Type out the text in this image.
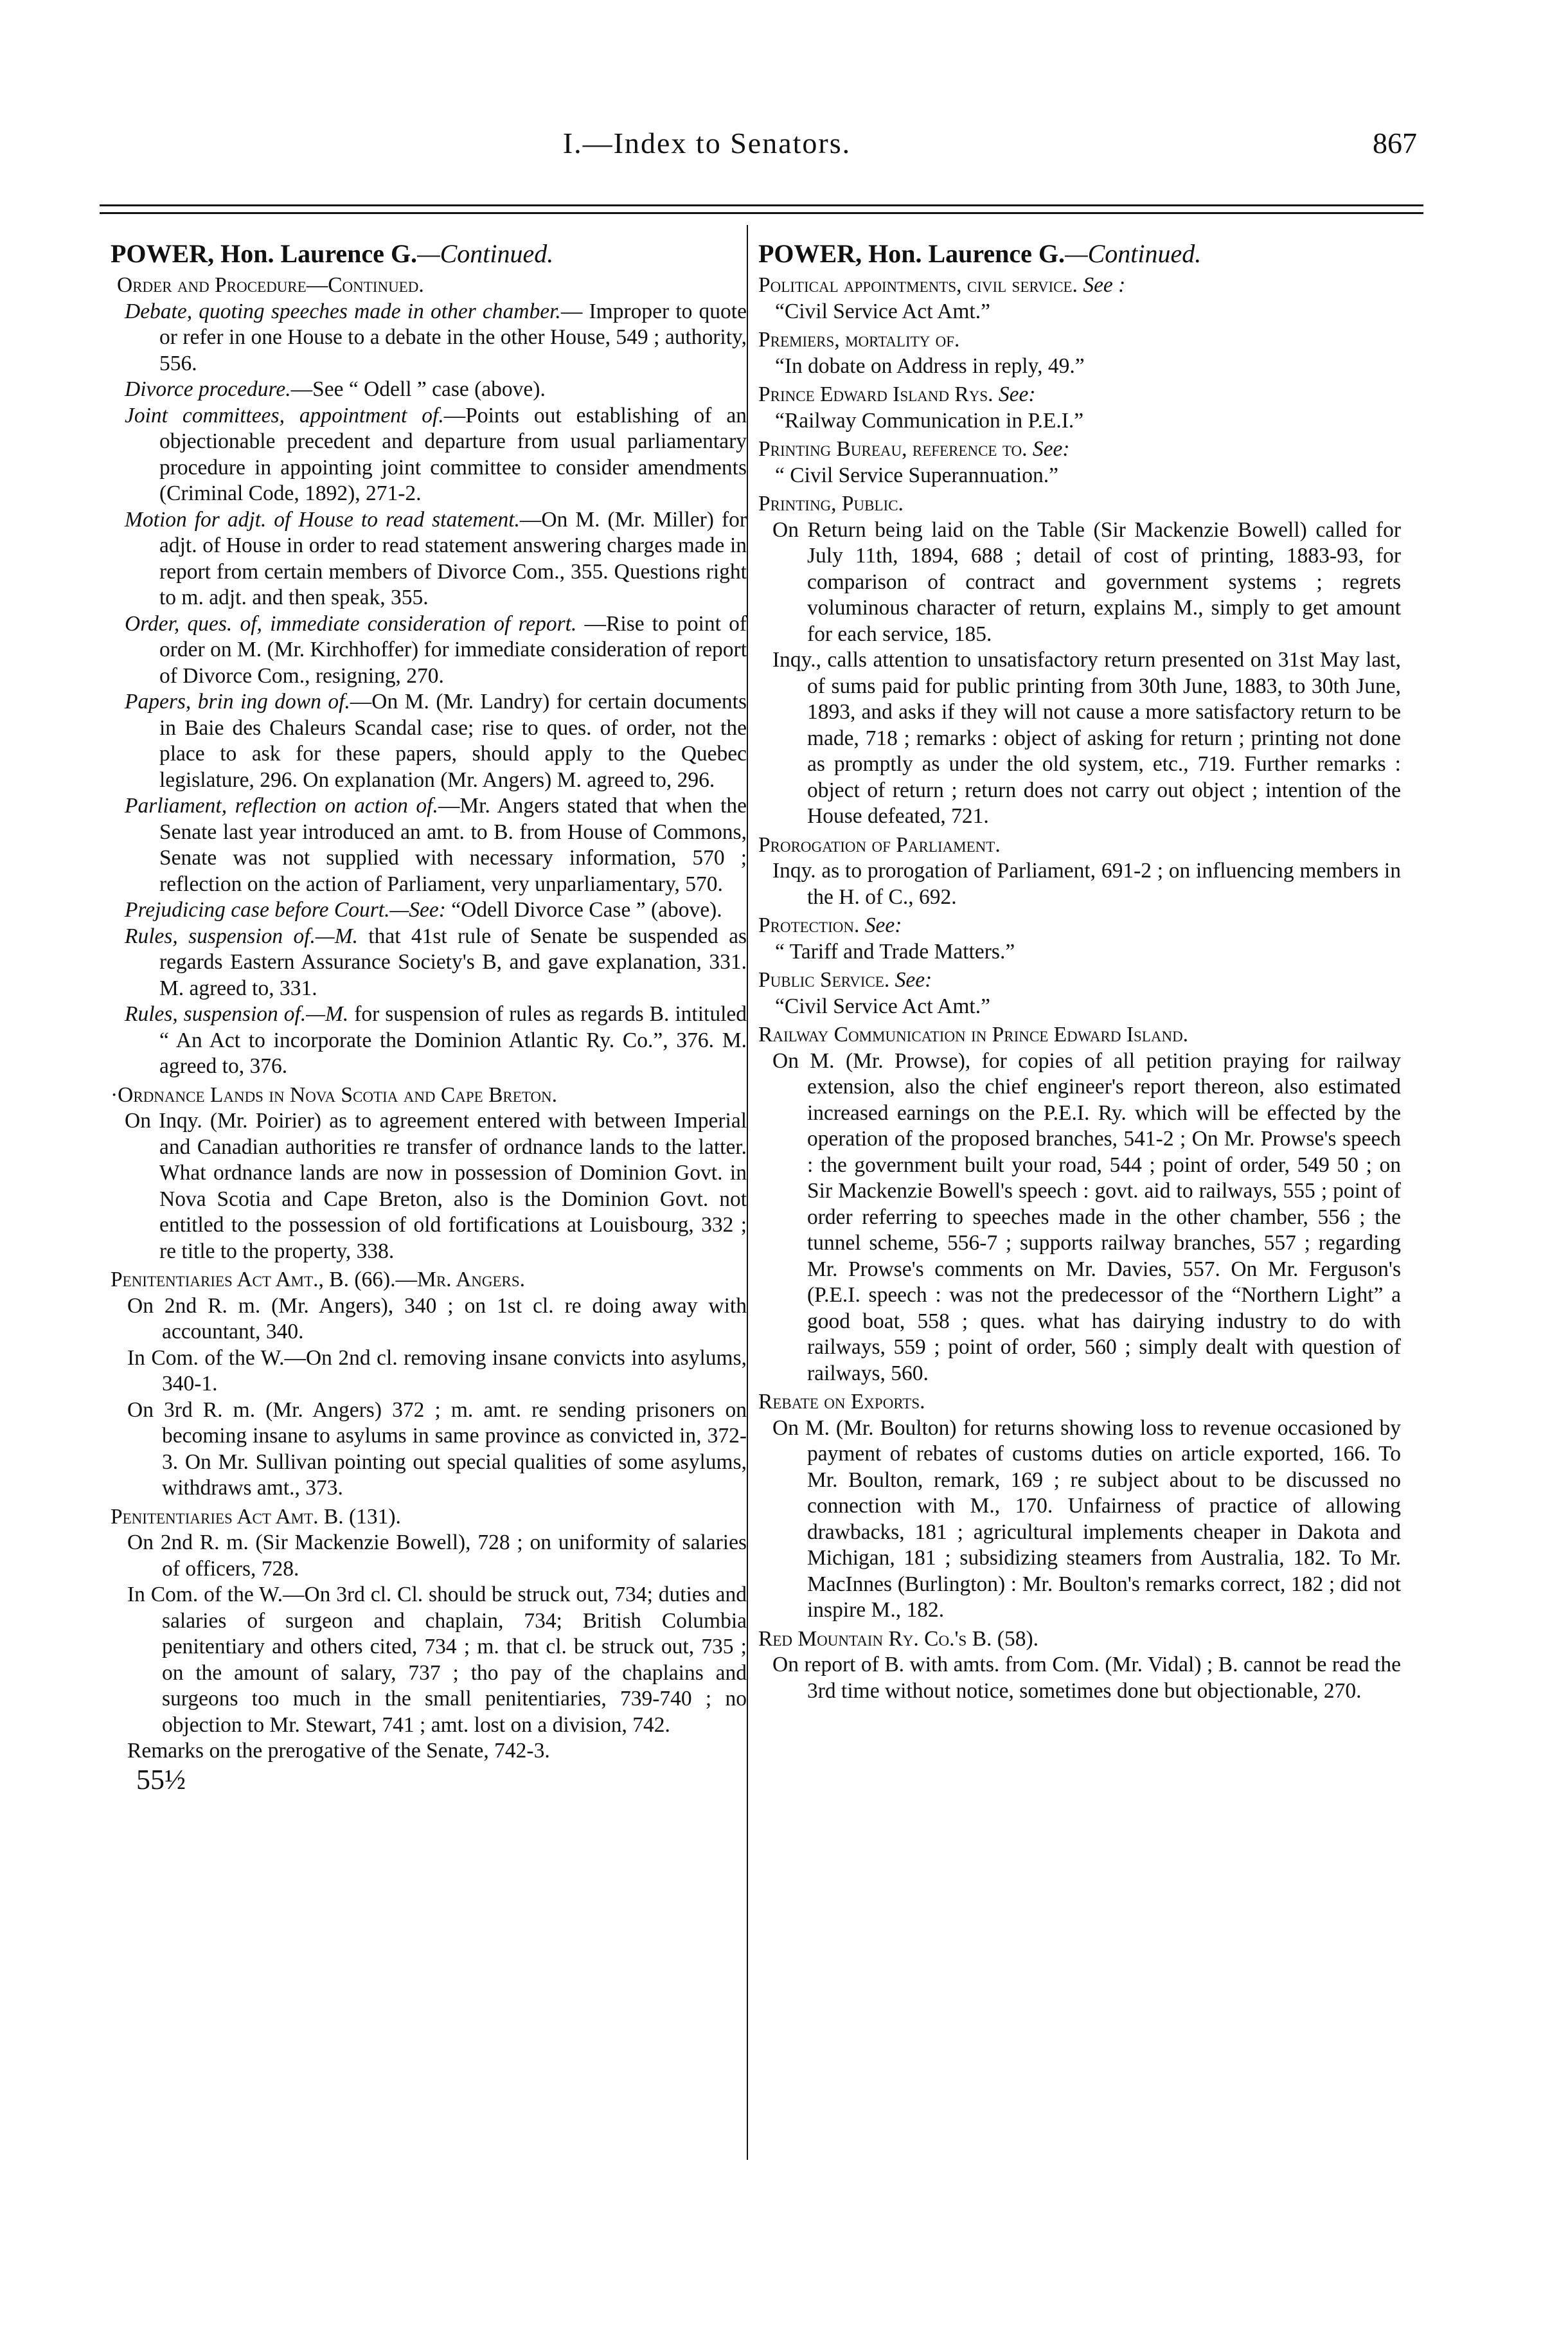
I.—Index to Senators.	867
POWER, Hon. Laurence G.—Continued.
Order and Procedure—Continued.
Debate, quoting speeches made in other chamber.— Improper to quote or refer in one House to a debate in the other House, 549 ; authority, 556.
Divorce procedure.—See “ Odell ” case (above).
Joint committees, appointment of.—Points out establishing of an objectionable precedent and departure from usual parliamentary procedure in appointing joint committee to consider amendments (Criminal Code, 1892), 271-2.
Motion for adjt. of House to read statement.—On M. (Mr. Miller) for adjt. of House in order to read statement answering charges made in report from certain members of Divorce Com., 355. Questions right to m. adjt. and then speak, 355.
Order, ques. of, immediate consideration of report. —Rise to point of order on M. (Mr. Kirchhoffer) for immediate consideration of report of Divorce Com., resigning, 270.
Papers, brin ing down of.—On M. (Mr. Landry) for certain documents in Baie des Chaleurs Scandal case; rise to ques. of order, not the place to ask for these papers, should apply to the Quebec legislature, 296. On explanation (Mr. Angers) M. agreed to, 296.
Parliament, reflection on action of.—Mr. Angers stated that when the Senate last year introduced an amt. to B. from House of Commons, Senate was not supplied with necessary information, 570 ; reflection on the action of Parliament, very unparliamentary, 570.
Prejudicing case before Court.—See: “Odell Divorce Case ” (above).
Rules, suspension of.—M. that 41st rule of Senate be suspended as regards Eastern Assurance Society's B, and gave explanation, 331. M. agreed to, 331.
Rules, suspension of.—M. for suspension of rules as regards B. intituled “ An Act to incorporate the Dominion Atlantic Ry. Co.”, 376. M. agreed to, 376.
·Ordnance Lands in Nova Scotia and Cape Breton.
On Inqy. (Mr. Poirier) as to agreement entered with between Imperial and Canadian authorities re transfer of ordnance lands to the latter. What ordnance lands are now in possession of Dominion Govt. in Nova Scotia and Cape Breton, also is the Dominion Govt. not entitled to the possession of old fortifications at Louisbourg, 332 ; re title to the property, 338.
Penitentiaries Act Amt., B. (66).—Mr. Angers.
On 2nd R. m. (Mr. Angers), 340 ; on 1st cl. re doing away with accountant, 340.
In Com. of the W.—On 2nd cl. removing insane convicts into asylums, 340-1.
On 3rd R. m. (Mr. Angers) 372 ; m. amt. re sending prisoners on becoming insane to asylums in same province as convicted in, 372-3. On Mr. Sullivan pointing out special qualities of some asylums, withdraws amt., 373.
Penitentiaries Act Amt. B. (131).
On 2nd R. m. (Sir Mackenzie Bowell), 728 ; on uniformity of salaries of officers, 728.
In Com. of the W.—On 3rd cl. Cl. should be struck out, 734; duties and salaries of surgeon and chaplain, 734; British Columbia penitentiary and others cited, 734 ; m. that cl. be struck out, 735 ; on the amount of salary, 737 ; tho pay of the chaplains and surgeons too much in the small penitentiaries, 739-740 ; no objection to Mr. Stewart, 741 ; amt. lost on a division, 742.
Remarks on the prerogative of the Senate, 742-3.
55½
POWER, Hon. Laurence G.—Continued.
Political appointments, civil service. See :
“Civil Service Act Amt.”
Premiers, mortality of.
“In dobate on Address in reply, 49.”
Prince Edward Island Rys. See:
“Railway Communication in P.E.I.”
Printing Bureau, reference to. See:
“ Civil Service Superannuation.”
Printing, Public.
On Return being laid on the Table (Sir Mackenzie Bowell) called for July 11th, 1894, 688 ; detail of cost of printing, 1883-93, for comparison of contract and government systems ; regrets voluminous character of return, explains M., simply to get amount for each service, 185.
Inqy., calls attention to unsatisfactory return presented on 31st May last, of sums paid for public printing from 30th June, 1883, to 30th June, 1893, and asks if they will not cause a more satisfactory return to be made, 718 ; remarks : object of asking for return ; printing not done as promptly as under the old system, etc., 719. Further remarks : object of return ; return does not carry out object ; intention of the House defeated, 721.
Prorogation of Parliament.
Inqy. as to prorogation of Parliament, 691-2 ; on influencing members in the H. of C., 692.
Protection. See:
“ Tariff and Trade Matters.”
Public Service. See:
“Civil Service Act Amt.”
Railway Communication in Prince Edward Island.
On M. (Mr. Prowse), for copies of all petition praying for railway extension, also the chief engineer's report thereon, also estimated increased earnings on the P.E.I. Ry. which will be effected by the operation of the proposed branches, 541-2 ; On Mr. Prowse's speech : the government built your road, 544 ; point of order, 549 50 ; on Sir Mackenzie Bowell's speech : govt. aid to railways, 555 ; point of order referring to speeches made in the other chamber, 556 ; the tunnel scheme, 556-7 ; supports railway branches, 557 ; regarding Mr. Prowse's comments on Mr. Davies, 557. On Mr. Ferguson's (P.E.I. speech : was not the predecessor of the “Northern Light” a good boat, 558 ; ques. what has dairying industry to do with railways, 559 ; point of order, 560 ; simply dealt with question of railways, 560.
Rebate on Exports.
On M. (Mr. Boulton) for returns showing loss to revenue occasioned by payment of rebates of customs duties on article exported, 166. To Mr. Boulton, remark, 169 ; re subject about to be discussed no connection with M., 170. Unfairness of practice of allowing drawbacks, 181 ; agricultural implements cheaper in Dakota and Michigan, 181 ; subsidizing steamers from Australia, 182. To Mr. MacInnes (Burlington) : Mr. Boulton's remarks correct, 182 ; did not inspire M., 182.
Red Mountain Ry. Co.'s B. (58).
On report of B. with amts. from Com. (Mr. Vidal) ; B. cannot be read the 3rd time without notice, sometimes done but objectionable, 270.
